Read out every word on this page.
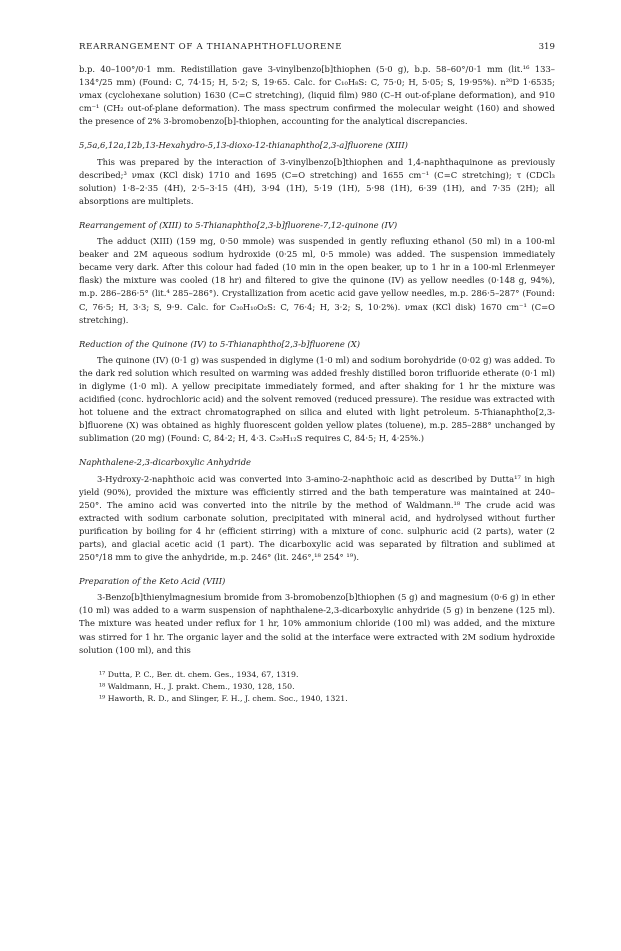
REARRANGEMENT OF A THIANAPHTHOFLUORENE	319

b.p. 40–100°/0·1 mm. Redistillation gave 3-vinylbenzo[b]thiophen (5·0 g), b.p. 58–60°/0·1 mm (lit.¹⁶ 133–134°/25 mm) (Found: C, 74·15; H, 5·2; S, 19·65. Calc. for C₁₀H₈S: C, 75·0; H, 5·05; S, 19·95%). n²⁰D 1·6535; νmax (cyclohexane solution) 1630 (C=C stretching), (liquid film) 980 (C–H out-of-plane deformation), and 910 cm⁻¹ (CH₂ out-of-plane deformation). The mass spectrum confirmed the molecular weight (160) and showed the presence of 2% 3-bromobenzo[b]-thiophen, accounting for the analytical discrepancies.

5,5a,6,12a,12b,13-Hexahydro-5,13-dioxo-12-thianaphtho[2,3-a]fluorene (XIII)

This was prepared by the interaction of 3-vinylbenzo[b]thiophen and 1,4-naphthaquinone as previously described;³ νmax (KCl disk) 1710 and 1695 (C=O stretching) and 1655 cm⁻¹ (C=C stretching); τ (CDCl₃ solution) 1·8–2·35 (4H), 2·5–3·15 (4H), 3·94 (1H), 5·19 (1H), 5·98 (1H), 6·39 (1H), and 7·35 (2H); all absorptions are multiplets.

Rearrangement of (XIII) to 5-Thianaphtho[2,3-b]fluorene-7,12-quinone (IV)

The adduct (XIII) (159 mg, 0·50 mmole) was suspended in gently refluxing ethanol (50 ml) in a 100-ml beaker and 2M aqueous sodium hydroxide (0·25 ml, 0·5 mmole) was added. The suspension immediately became very dark. After this colour had faded (10 min in the open beaker, up to 1 hr in a 100-ml Erlenmeyer flask) the mixture was cooled (18 hr) and filtered to give the quinone (IV) as yellow needles (0·148 g, 94%), m.p. 286–286·5° (lit.⁴ 285–286°). Crystallization from acetic acid gave yellow needles, m.p. 286·5–287° (Found: C, 76·5; H, 3·3; S, 9·9. Calc. for C₂₀H₁₀O₂S: C, 76·4; H, 3·2; S, 10·2%). νmax (KCl disk) 1670 cm⁻¹ (C=O stretching).

Reduction of the Quinone (IV) to 5-Thianaphtho[2,3-b]fluorene (X)

The quinone (IV) (0·1 g) was suspended in diglyme (1·0 ml) and sodium borohydride (0·02 g) was added. To the dark red solution which resulted on warming was added freshly distilled boron trifluoride etherate (0·1 ml) in diglyme (1·0 ml). A yellow precipitate immediately formed, and after shaking for 1 hr the mixture was acidified (conc. hydrochloric acid) and the solvent removed (reduced pressure). The residue was extracted with hot toluene and the extract chromatographed on silica and eluted with light petroleum. 5-Thianaphtho[2,3-b]fluorene (X) was obtained as highly fluorescent golden yellow plates (toluene), m.p. 285–288° unchanged by sublimation (20 mg) (Found: C, 84·2; H, 4·3. C₂₀H₁₂S requires C, 84·5; H, 4·25%.)

Naphthalene-2,3-dicarboxylic Anhydride

3-Hydroxy-2-naphthoic acid was converted into 3-amino-2-naphthoic acid as described by Dutta¹⁷ in high yield (90%), provided the mixture was efficiently stirred and the bath temperature was maintained at 240–250°. The amino acid was converted into the nitrile by the method of Waldmann.¹⁸ The crude acid was extracted with sodium carbonate solution, precipitated with mineral acid, and hydrolysed without further purification by boiling for 4 hr (efficient stirring) with a mixture of conc. sulphuric acid (2 parts), water (2 parts), and glacial acetic acid (1 part). The dicarboxylic acid was separated by filtration and sublimed at 250°/18 mm to give the anhydride, m.p. 246° (lit. 246°,¹⁸ 254° ¹⁹).

Preparation of the Keto Acid (VIII)

3-Benzo[b]thienylmagnesium bromide from 3-bromobenzo[b]thiophen (5 g) and magnesium (0·6 g) in ether (10 ml) was added to a warm suspension of naphthalene-2,3-dicarboxylic anhydride (5 g) in benzene (125 ml). The mixture was heated under reflux for 1 hr, 10% ammonium chloride (100 ml) was added, and the mixture was stirred for 1 hr. The organic layer and the solid at the interface were extracted with 2M sodium hydroxide solution (100 ml), and this

¹⁷ Dutta, P. C., Ber. dt. chem. Ges., 1934, 67, 1319.
¹⁸ Waldmann, H., J. prakt. Chem., 1930, 128, 150.
¹⁹ Haworth, R. D., and Slinger, F. H., J. chem. Soc., 1940, 1321.
